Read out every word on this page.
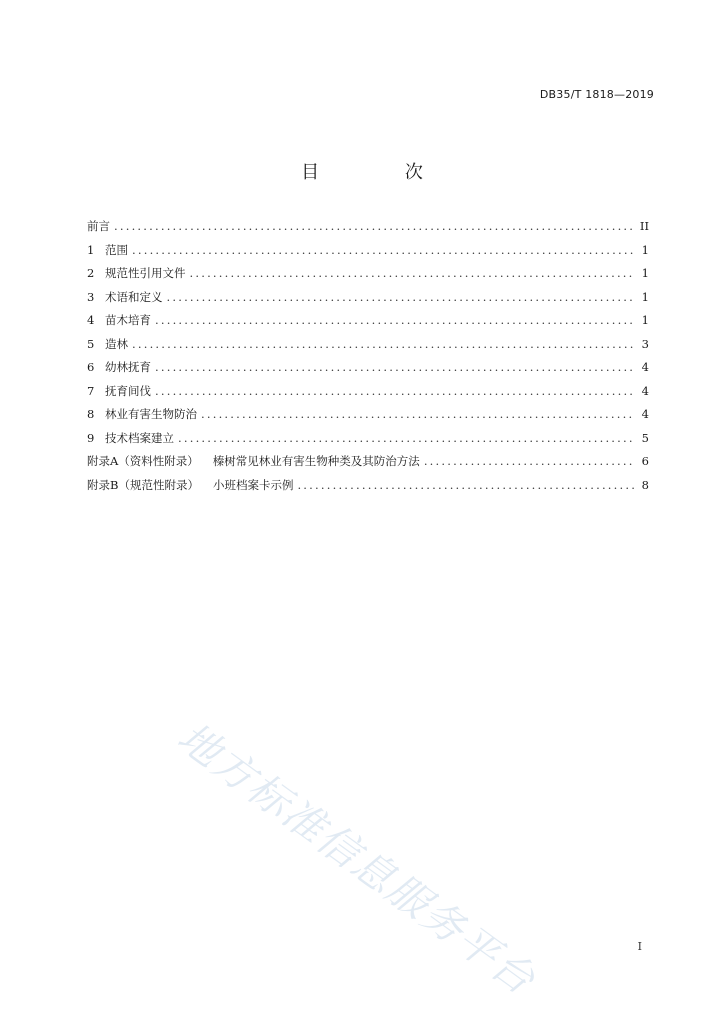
DB35/T 1818—2019
目 次
前言 .....	II
1 范围 .....	1
2 规范性引用文件 .....	1
3 术语和定义 .....	1
4 苗木培育 .....	1
5 造林 .....	3
6 幼林抚育 .....	4
7 抚育间伐 .....	4
8 林业有害生物防治 .....	4
9 技术档案建立 .....	5
附录A（资料性附录） 榛树常见林业有害生物种类及其防治方法 .....	6
附录B（规范性附录） 小班档案卡示例 .....	8
地方标准信息服务平台	I
